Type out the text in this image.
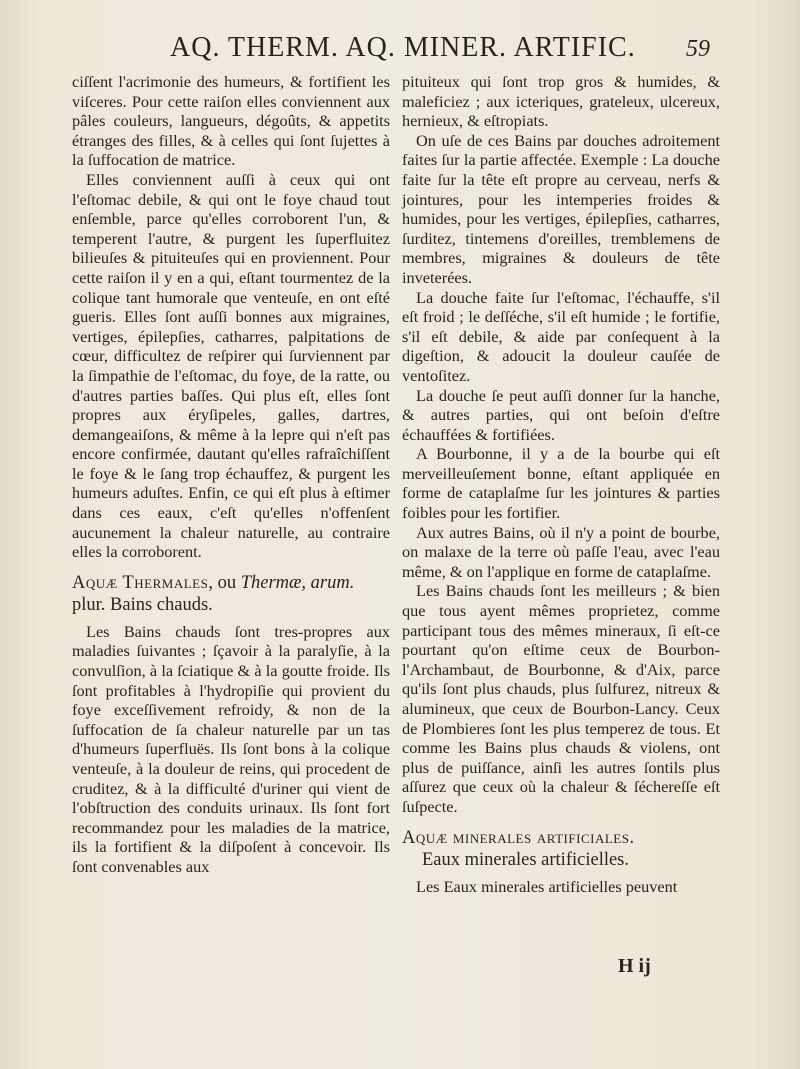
AQ. THERM. AQ. MINER. ARTIFIC. 59

ciſſent l'acrimonie des humeurs, & fortifient les viſceres. Pour cette raiſon elles conviennent aux pâles couleurs, langueurs, dégoûts, & appetits étranges des filles, & à celles qui ſont ſujettes à la ſuffocation de matrice.

Elles conviennent auſſi à ceux qui ont l'eſtomac debile, & qui ont le foye chaud tout enſemble, parce qu'elles corroborent l'un, & temperent l'autre, & purgent les ſuperfluitez bilieuſes & pituiteuſes qui en proviennent. Pour cette raiſon il y en a qui, eſtant tourmentez de la colique tant humorale que venteuſe, en ont eſté gueris. Elles ſont auſſi bonnes aux migraines, vertiges, épilepſies, catharres, palpitations de cœur, difficultez de reſpirer qui ſurviennent par la ſimpathie de l'eſtomac, du foye, de la ratte, ou d'autres parties baſſes. Qui plus eſt, elles ſont propres aux éryſipeles, galles, dartres, demangeaiſons, & même à la lepre qui n'eſt pas encore confirmée, dautant qu'elles rafraîchiſſent le foye & le ſang trop échauffez, & purgent les humeurs aduſtes. Enfin, ce qui eſt plus à eſtimer dans ces eaux, c'eſt qu'elles n'offenſent aucunement la chaleur naturelle, au contraire elles la corroborent.

Aquæ Thermales, ou Thermæ, arum. plur. Bains chauds.

Les Bains chauds ſont tres-propres aux maladies ſuivantes ; ſçavoir à la paralyſie, à la convulſion, à la ſciatique & à la goutte froide. Ils ſont profitables à l'hydropiſie qui provient du foye exceſſivement refroidy, & non de la ſuffocation de ſa chaleur naturelle par un tas d'humeurs ſuperfluës. Ils ſont bons à la colique venteuſe, à la douleur de reins, qui procedent de cruditez, & à la difficulté d'uriner qui vient de l'obſtruction des conduits urinaux. Ils ſont fort recommandez pour les maladies de la matrice, ils la fortifient & la diſpoſent à concevoir. Ils ſont convenables aux

pituiteux qui ſont trop gros & humides, & maleficiez ; aux icteriques, grateleux, ulcereux, hernieux, & eſtropiats.

On uſe de ces Bains par douches adroitement faites ſur la partie affectée. Exemple : La douche faite ſur la tête eſt propre au cerveau, nerfs & jointures, pour les intemperies froides & humides, pour les vertiges, épilepſies, catharres, ſurditez, tintemens d'oreilles, tremblemens de membres, migraines & douleurs de tête inveterées.

La douche faite ſur l'eſtomac, l'échauffe, s'il eſt froid ; le deſſéche, s'il eſt humide ; le fortifie, s'il eſt debile, & aide par conſequent à la digeſtion, & adoucit la douleur cauſée de ventoſitez.

La douche ſe peut auſſi donner ſur la hanche, & autres parties, qui ont beſoin d'eſtre échauffées & fortifiées.

A Bourbonne, il y a de la bourbe qui eſt merveilleuſement bonne, eſtant appliquée en forme de cataplaſme ſur les jointures & parties foibles pour les fortifier.

Aux autres Bains, où il n'y a point de bourbe, on malaxe de la terre où paſſe l'eau, avec l'eau même, & on l'applique en forme de cataplaſme.

Les Bains chauds ſont les meilleurs ; & bien que tous ayent mêmes proprietez, comme participant tous des mêmes mineraux, ſi eſt-ce pourtant qu'on eſtime ceux de Bourbon-l'Archambaut, de Bourbonne, & d'Aix, parce qu'ils ſont plus chauds, plus ſulfurez, nitreux & alumineux, que ceux de Bourbon-Lancy. Ceux de Plombieres ſont les plus temperez de tous. Et comme les Bains plus chauds & violens, ont plus de puiſſance, ainſi les autres ſontils plus aſſurez que ceux où la chaleur & ſéchereſſe eſt ſuſpecte.

Aquæ minerales artificiales.
Eaux minerales artificielles.

Les Eaux minerales artificielles peuvent

H ij
